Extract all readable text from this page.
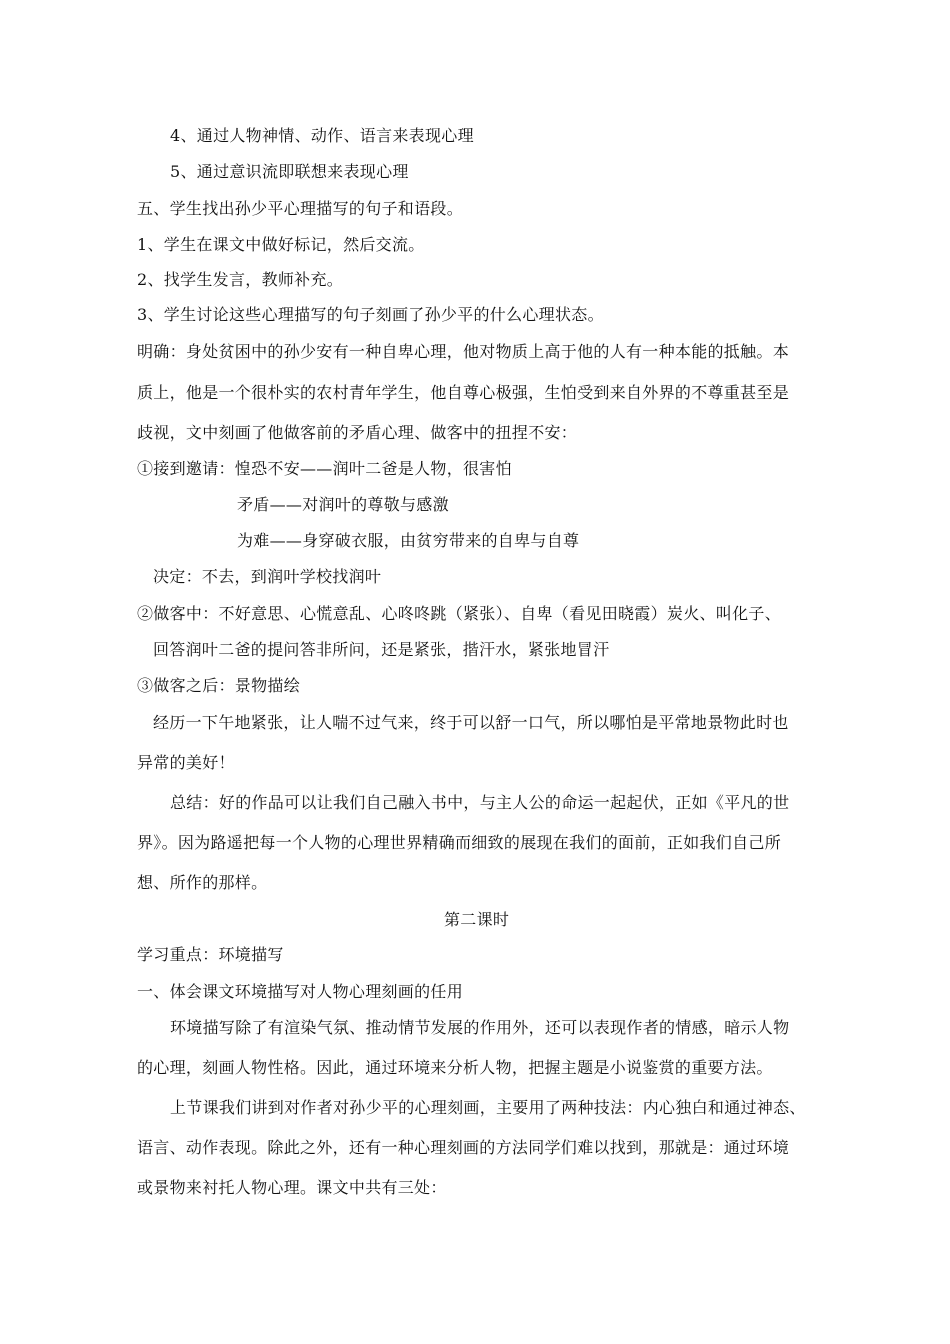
4、通过人物神情、动作、语言来表现心理
5、通过意识流即联想来表现心理
五、学生找出孙少平心理描写的句子和语段。
1、学生在课文中做好标记，然后交流。
2、找学生发言，教师补充。
3、学生讨论这些心理描写的句子刻画了孙少平的什么心理状态。
明确：身处贫困中的孙少安有一种自卑心理，他对物质上高于他的人有一种本能的抵触。本
质上，他是一个很朴实的农村青年学生，他自尊心极强，生怕受到来自外界的不尊重甚至是
歧视，文中刻画了他做客前的矛盾心理、做客中的扭捏不安：
①接到邀请：惶恐不安——润叶二爸是人物，很害怕
矛盾——对润叶的尊敬与感激
为难——身穿破衣服，由贫穷带来的自卑与自尊
决定：不去，到润叶学校找润叶
②做客中：不好意思、心慌意乱、心咚咚跳（紧张）、自卑（看见田晓霞）炭火、叫化子、
回答润叶二爸的提问答非所问，还是紧张，揩汗水，紧张地冒汗
③做客之后：景物描绘
经历一下午地紧张，让人喘不过气来，终于可以舒一口气，所以哪怕是平常地景物此时也
异常的美好！
总结：好的作品可以让我们自己融入书中，与主人公的命运一起起伏，正如《平凡的世
界》。因为路遥把每一个人物的心理世界精确而细致的展现在我们的面前，正如我们自己所
想、所作的那样。
第二课时
学习重点：环境描写
一、体会课文环境描写对人物心理刻画的任用
环境描写除了有渲染气氛、推动情节发展的作用外，还可以表现作者的情感，暗示人物
的心理，刻画人物性格。因此，通过环境来分析人物，把握主题是小说鉴赏的重要方法。
上节课我们讲到对作者对孙少平的心理刻画，主要用了两种技法：内心独白和通过神态、
语言、动作表现。除此之外，还有一种心理刻画的方法同学们难以找到，那就是：通过环境
或景物来衬托人物心理。课文中共有三处：
